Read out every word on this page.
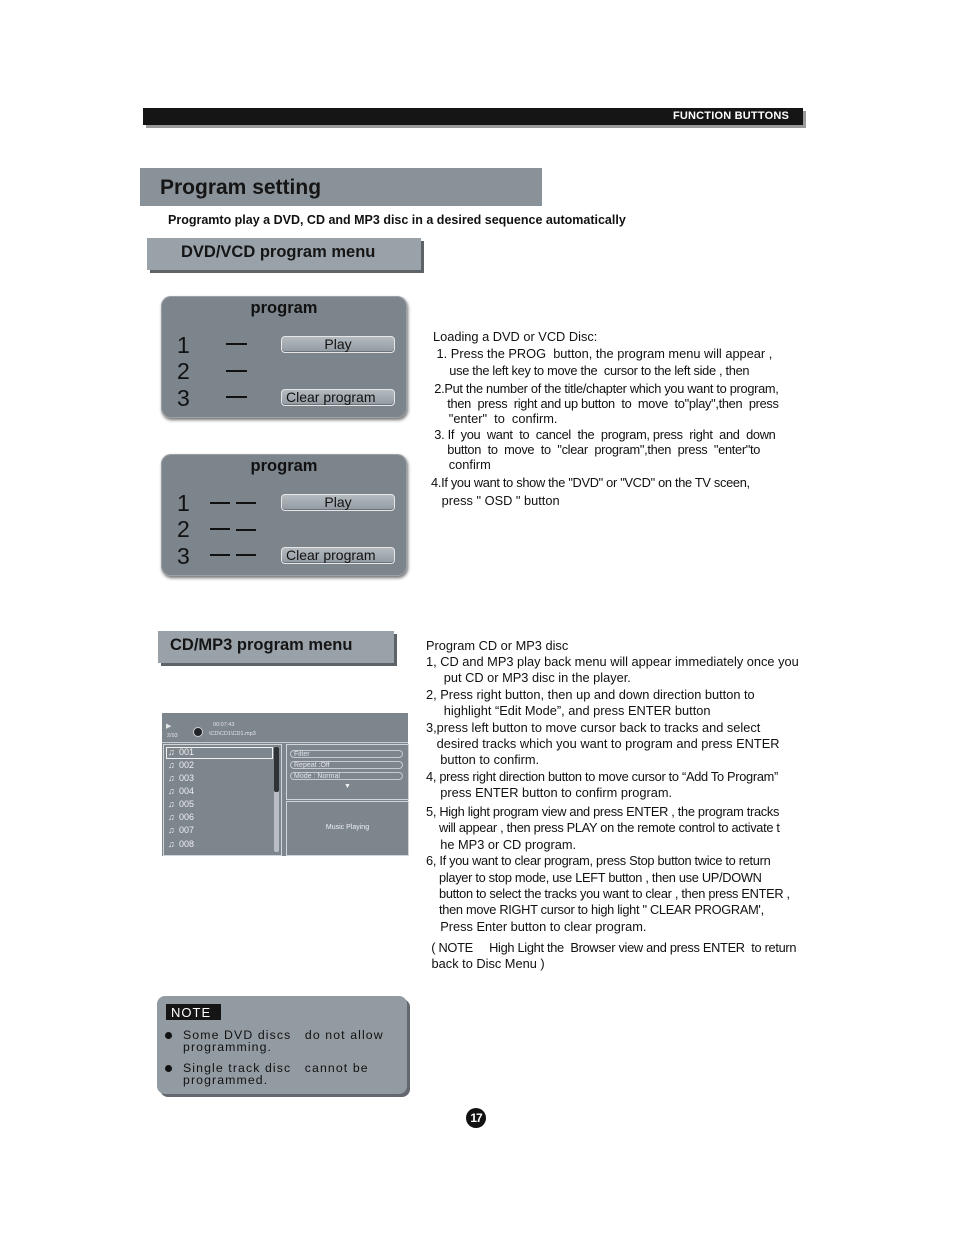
FUNCTION BUTTONS
Program setting
Programto play a DVD, CD and MP3 disc in a desired sequence automatically
DVD/VCD program menu
program
1
2
3
Play
Clear program
program
1
2
3
Play
Clear program
Loading a DVD or VCD Disc:
1. Press the PROG  button, the program menu will appear ,
use the left key to move the  cursor to the left side , then
2.Put the number of the title/chapter which you want to program,
then  press  right and up button  to  move  to"play",then  press
"enter"  to  confirm.
3. If  you  want  to  cancel  the  program, press  right  and  down
button  to  move  to  "clear  program",then  press  "enter"to
confirm
4.If you want to show the "DVD" or "VCD" on the TV sceen,
press " OSD " button
CD/MP3 program menu
▶
2/93
00:07:43
\CD\CD1\CD1.mp3
♫ 001
♫ 002
♫ 003
♫ 004
♫ 005
♫ 006
♫ 007
♫ 008
Filter
Repeat :Off
Mode : Normal
▼
Music Playing
Program CD or MP3 disc
1, CD and MP3 play back menu will appear immediately once you
put CD or MP3 disc in the player.
2, Press right button, then up and down direction button to
highlight “Edit Mode”, and press ENTER button
3,press left button to move cursor back to tracks and select
desired tracks which you want to program and press ENTER
button to confirm.
4, press right direction button to move cursor to “Add To Program”
press ENTER button to confirm program.
5, High light program view and press ENTER , the program tracks
will appear , then press PLAY on the remote control to activate t
he MP3 or CD program.
6, If you want to clear program, press Stop button twice to return
player to stop mode, use LEFT button , then use UP/DOWN
button to select the tracks you want to clear , then press ENTER ,
then move RIGHT cursor to high light " CLEAR PROGRAM',
Press Enter button to clear program.
( NOTE     High Light the  Browser view and press ENTER  to return
back to Disc Menu )
NOTE
Some DVD discs   do not allow
programming.
Single track disc   cannot be
programmed.
17
